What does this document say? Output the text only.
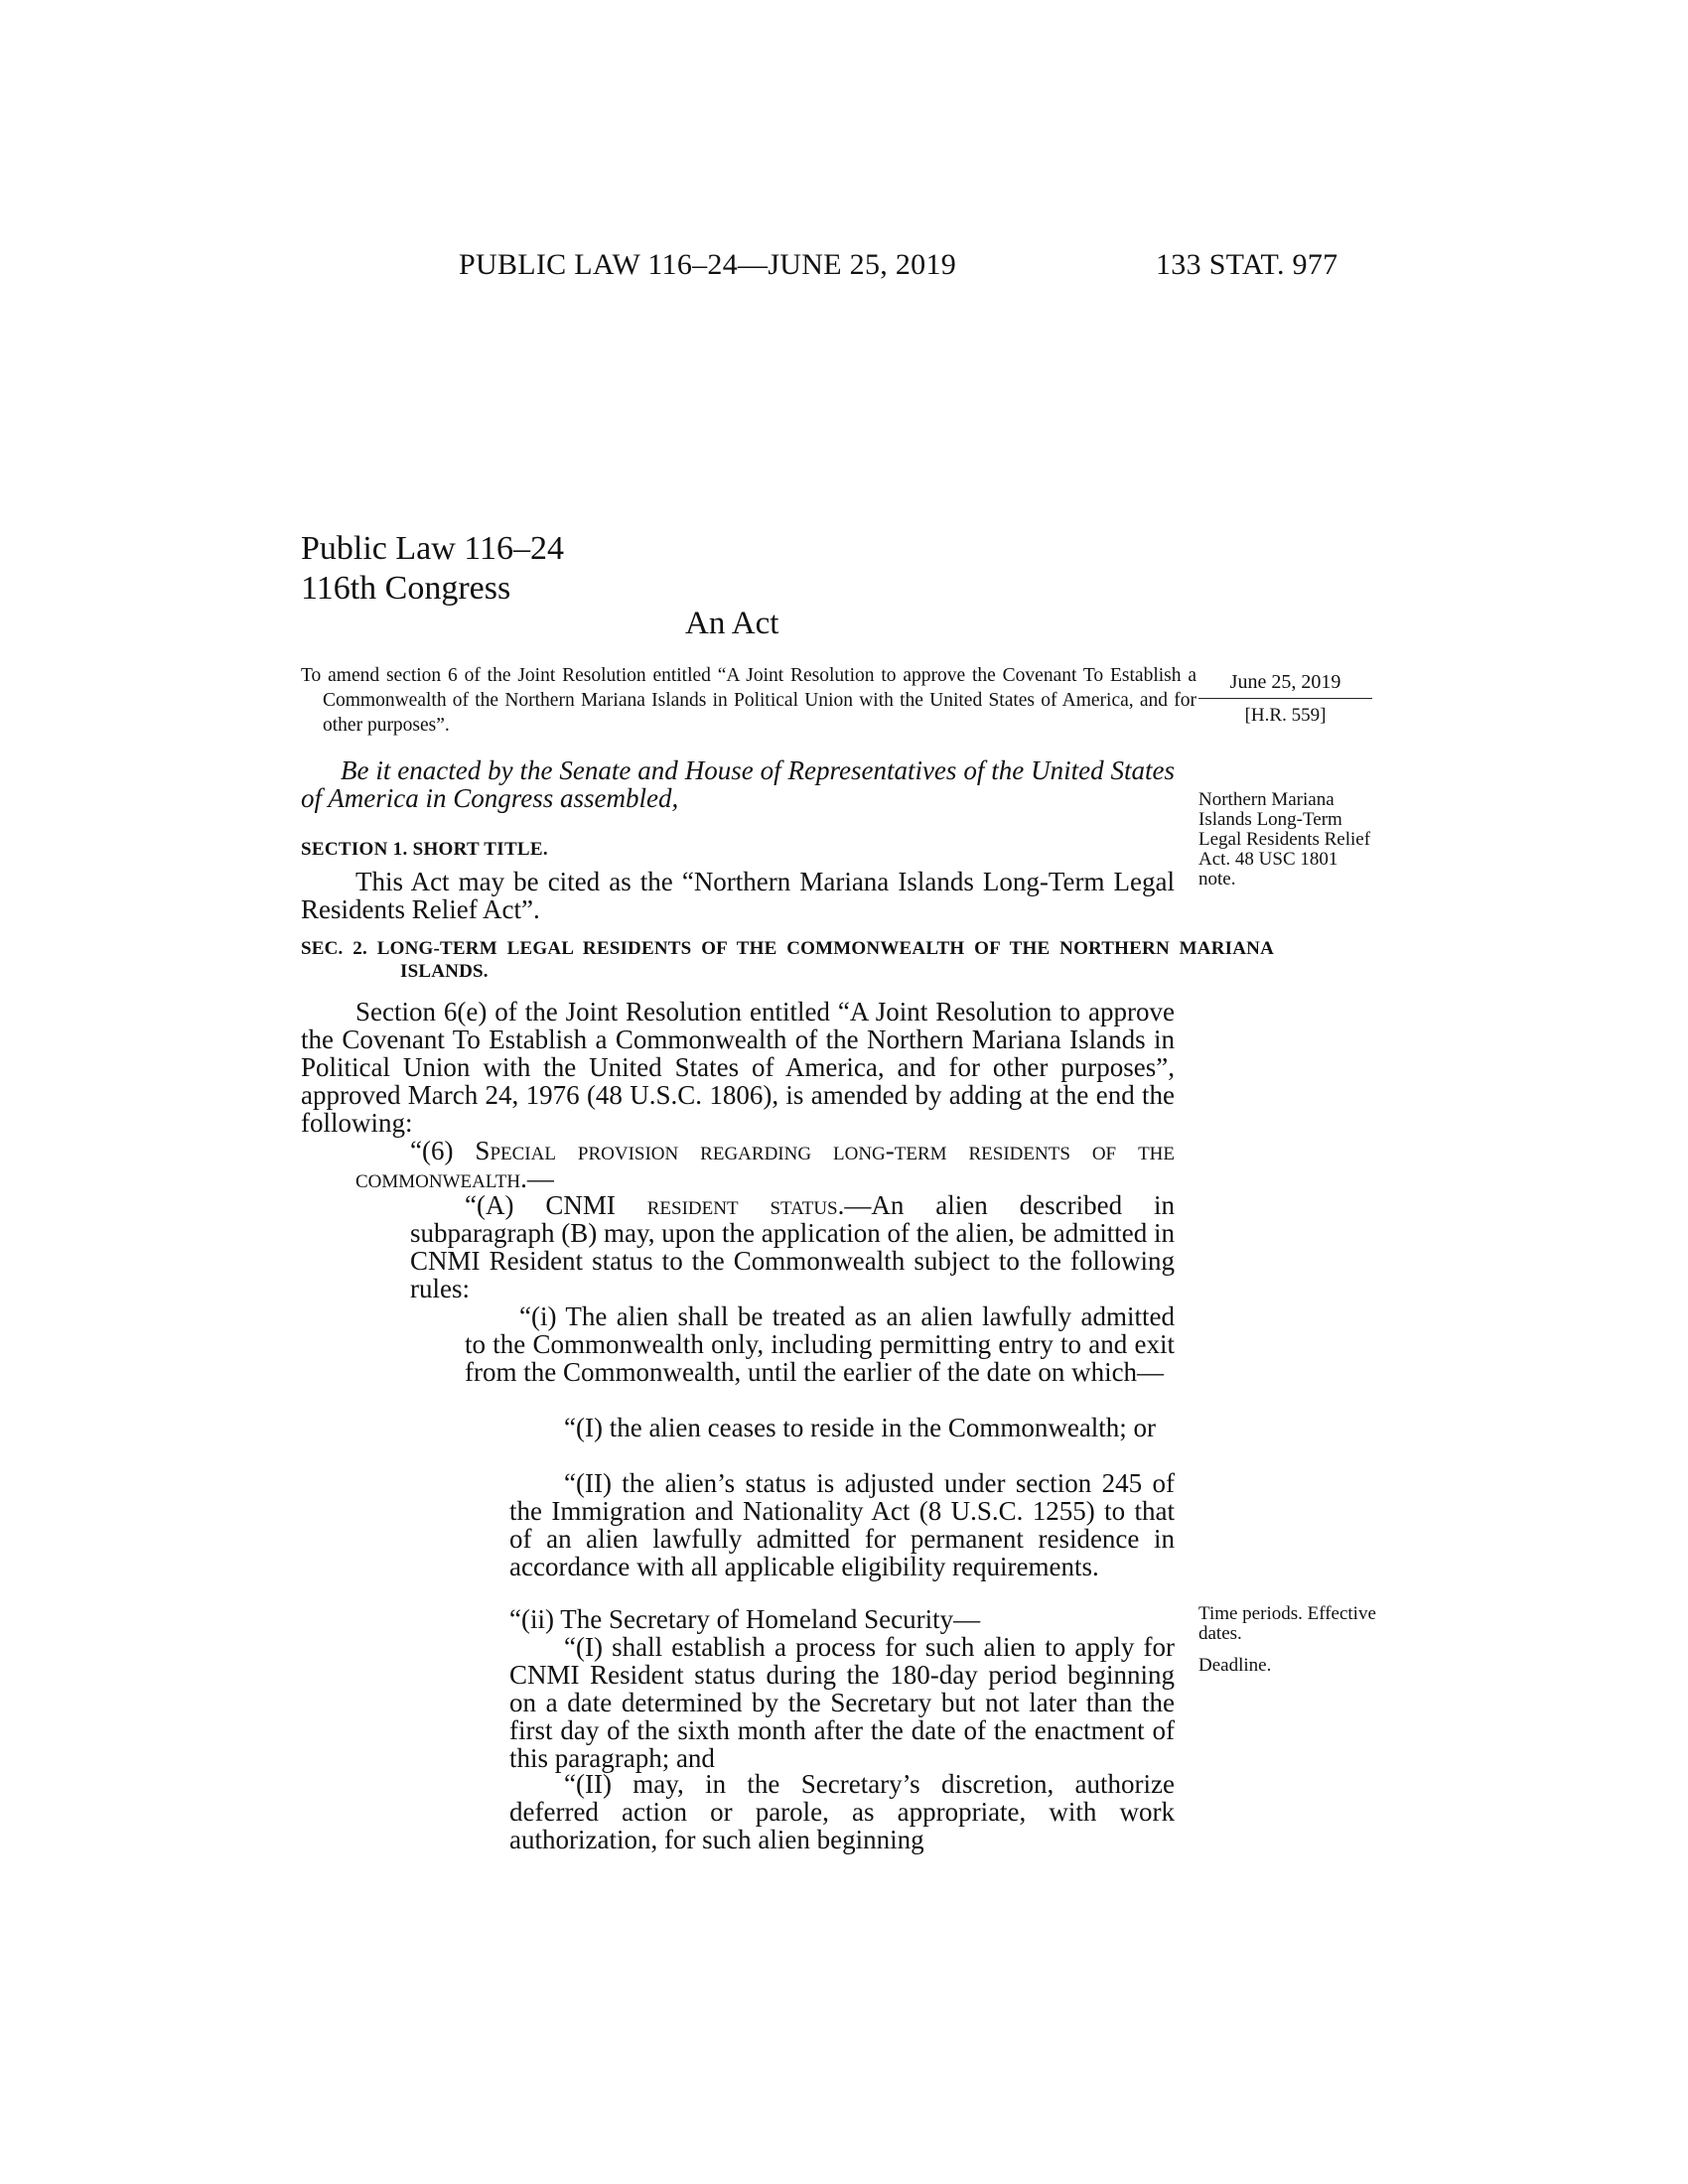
PUBLIC LAW 116–24—JUNE 25, 2019	133 STAT. 977
Public Law 116–24
116th Congress
An Act
To amend section 6 of the Joint Resolution entitled “A Joint Resolution to approve the Covenant To Establish a Commonwealth of the Northern Mariana Islands in Political Union with the United States of America, and for other purposes”.
June 25, 2019
[H.R. 559]
Be it enacted by the Senate and House of Representatives of the United States of America in Congress assembled,
SECTION 1. SHORT TITLE.
This Act may be cited as the “Northern Mariana Islands Long-Term Legal Residents Relief Act”.
SEC. 2. LONG-TERM LEGAL RESIDENTS OF THE COMMONWEALTH OF THE NORTHERN MARIANA ISLANDS.
Section 6(e) of the Joint Resolution entitled “A Joint Resolution to approve the Covenant To Establish a Commonwealth of the Northern Mariana Islands in Political Union with the United States of America, and for other purposes”, approved March 24, 1976 (48 U.S.C. 1806), is amended by adding at the end the following:
“(6) Special provision regarding long-term residents of the commonwealth.—
“(A) CNMI resident status.—An alien described in subparagraph (B) may, upon the application of the alien, be admitted in CNMI Resident status to the Commonwealth subject to the following rules:
“(i) The alien shall be treated as an alien lawfully admitted to the Commonwealth only, including permitting entry to and exit from the Commonwealth, until the earlier of the date on which—
“(I) the alien ceases to reside in the Commonwealth; or
“(II) the alien’s status is adjusted under section 245 of the Immigration and Nationality Act (8 U.S.C. 1255) to that of an alien lawfully admitted for permanent residence in accordance with all applicable eligibility requirements.
“(ii) The Secretary of Homeland Security—
“(I) shall establish a process for such alien to apply for CNMI Resident status during the 180-day period beginning on a date determined by the Secretary but not later than the first day of the sixth month after the date of the enactment of this paragraph; and
“(II) may, in the Secretary’s discretion, authorize deferred action or parole, as appropriate, with work authorization, for such alien beginning
Northern Mariana Islands Long-Term Legal Residents Relief Act. 48 USC 1801 note.
Time periods. Effective dates.
Deadline.
